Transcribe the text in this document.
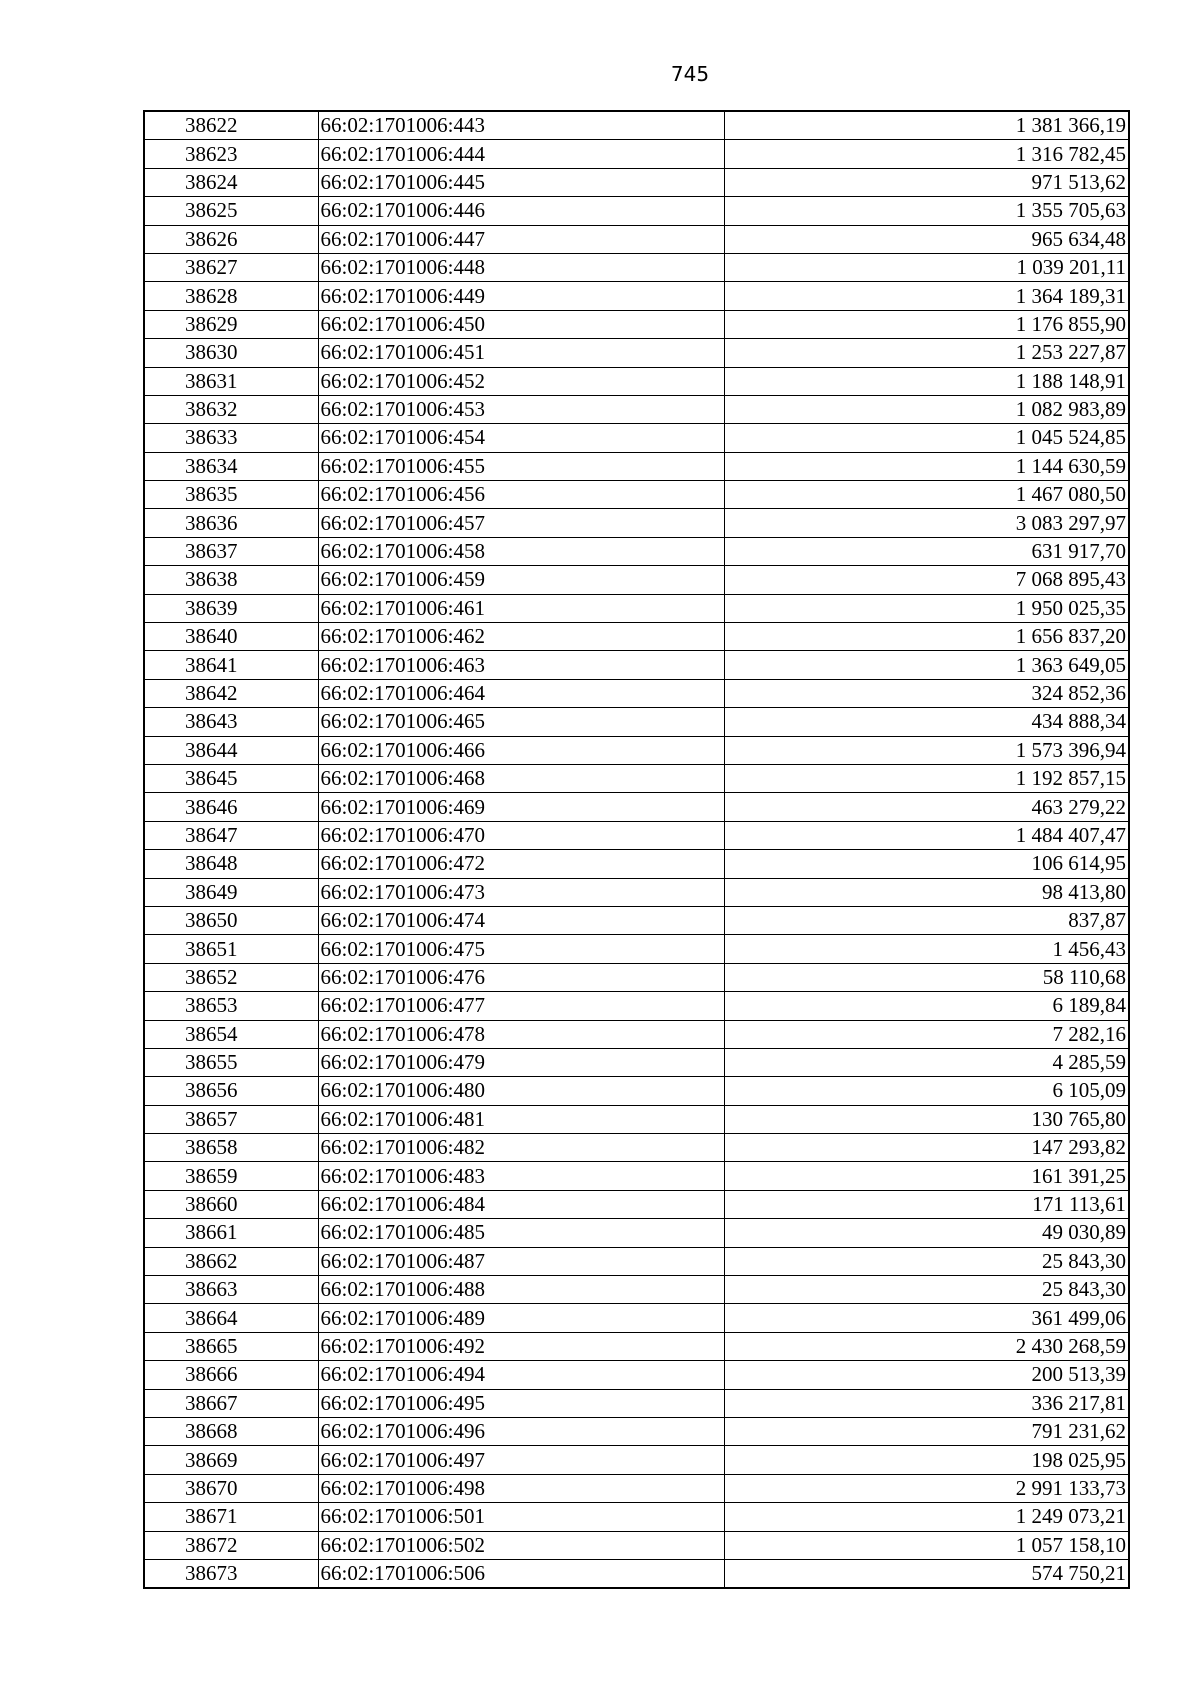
745
38622	66:02:1701006:443	1 381 366,19
38623	66:02:1701006:444	1 316 782,45
38624	66:02:1701006:445	971 513,62
38625	66:02:1701006:446	1 355 705,63
38626	66:02:1701006:447	965 634,48
38627	66:02:1701006:448	1 039 201,11
38628	66:02:1701006:449	1 364 189,31
38629	66:02:1701006:450	1 176 855,90
38630	66:02:1701006:451	1 253 227,87
38631	66:02:1701006:452	1 188 148,91
38632	66:02:1701006:453	1 082 983,89
38633	66:02:1701006:454	1 045 524,85
38634	66:02:1701006:455	1 144 630,59
38635	66:02:1701006:456	1 467 080,50
38636	66:02:1701006:457	3 083 297,97
38637	66:02:1701006:458	631 917,70
38638	66:02:1701006:459	7 068 895,43
38639	66:02:1701006:461	1 950 025,35
38640	66:02:1701006:462	1 656 837,20
38641	66:02:1701006:463	1 363 649,05
38642	66:02:1701006:464	324 852,36
38643	66:02:1701006:465	434 888,34
38644	66:02:1701006:466	1 573 396,94
38645	66:02:1701006:468	1 192 857,15
38646	66:02:1701006:469	463 279,22
38647	66:02:1701006:470	1 484 407,47
38648	66:02:1701006:472	106 614,95
38649	66:02:1701006:473	98 413,80
38650	66:02:1701006:474	837,87
38651	66:02:1701006:475	1 456,43
38652	66:02:1701006:476	58 110,68
38653	66:02:1701006:477	6 189,84
38654	66:02:1701006:478	7 282,16
38655	66:02:1701006:479	4 285,59
38656	66:02:1701006:480	6 105,09
38657	66:02:1701006:481	130 765,80
38658	66:02:1701006:482	147 293,82
38659	66:02:1701006:483	161 391,25
38660	66:02:1701006:484	171 113,61
38661	66:02:1701006:485	49 030,89
38662	66:02:1701006:487	25 843,30
38663	66:02:1701006:488	25 843,30
38664	66:02:1701006:489	361 499,06
38665	66:02:1701006:492	2 430 268,59
38666	66:02:1701006:494	200 513,39
38667	66:02:1701006:495	336 217,81
38668	66:02:1701006:496	791 231,62
38669	66:02:1701006:497	198 025,95
38670	66:02:1701006:498	2 991 133,73
38671	66:02:1701006:501	1 249 073,21
38672	66:02:1701006:502	1 057 158,10
38673	66:02:1701006:506	574 750,21
